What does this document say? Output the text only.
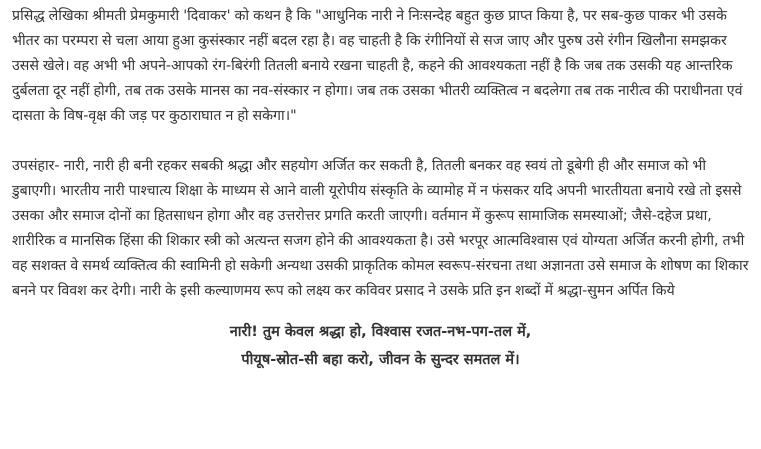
प्रसिद्ध लेखिका श्रीमती प्रेमकुमारी 'दिवाकर' को कथन है कि "आधुनिक नारी ने निःसन्देह बहुत कुछ प्राप्त किया है, पर सब-कुछ पाकर भी उसके भीतर का परम्परा से चला आया हुआ कुसंस्कार नहीं बदल रहा है। वह चाहती है कि रंगीनियों से सज जाए और पुरुष उसे रंगीन खिलौना समझकर उससे खेले। वह अभी भी अपने-आपको रंग-बिरंगी तितली बनाये रखना चाहती है, कहने की आवश्यकता नहीं है कि जब तक उसकी यह आन्तरिक दुर्बलता दूर नहीं होगी, तब तक उसके मानस का नव-संस्कार न होगा। जब तक उसका भीतरी व्यक्तित्व न बदलेगा तब तक नारीत्व की पराधीनता एवं दासता के विष-वृक्ष की जड़ पर कुठाराघात न हो सकेगा।"

उपसंहार- नारी, नारी ही बनी रहकर सबकी श्रद्धा और सहयोग अर्जित कर सकती है, तितली बनकर वह स्वयं तो डूबेगी ही और समाज को भी डुबाएगी। भारतीय नारी पाश्चात्य शिक्षा के माध्यम से आने वाली यूरोपीय संस्कृति के व्यामोह में न फंसकर यदि अपनी भारतीयता बनाये रखे तो इससे उसका और समाज दोनों का हितसाधन होगा और वह उत्तरोत्तर प्रगति करती जाएगी। वर्तमान में कुरूप सामाजिक समस्याओं; जैसे-दहेज प्रथा, शारीरिक व मानसिक हिंसा की शिकार स्त्री को अत्यन्त सजग होने की आवश्यकता है। उसे भरपूर आत्मविश्वास एवं योग्यता अर्जित करनी होगी, तभी वह सशक्त वे समर्थ व्यक्तित्व की स्वामिनी हो सकेगी अन्यथा उसकी प्राकृतिक कोमल स्वरूप-संरचना तथा अज्ञानता उसे समाज के शोषण का शिकार बनने पर विवश कर देगी। नारी के इसी कल्याणमय रूप को लक्ष्य कर कविवर प्रसाद ने उसके प्रति इन शब्दों में श्रद्धा-सुमन अर्पित किये

नारी! तुम केवल श्रद्धा हो, विश्वास रजत-नभ-पग-तल में,
पीयूष-स्रोत-सी बहा करो, जीवन के सुन्दर समतल में।
